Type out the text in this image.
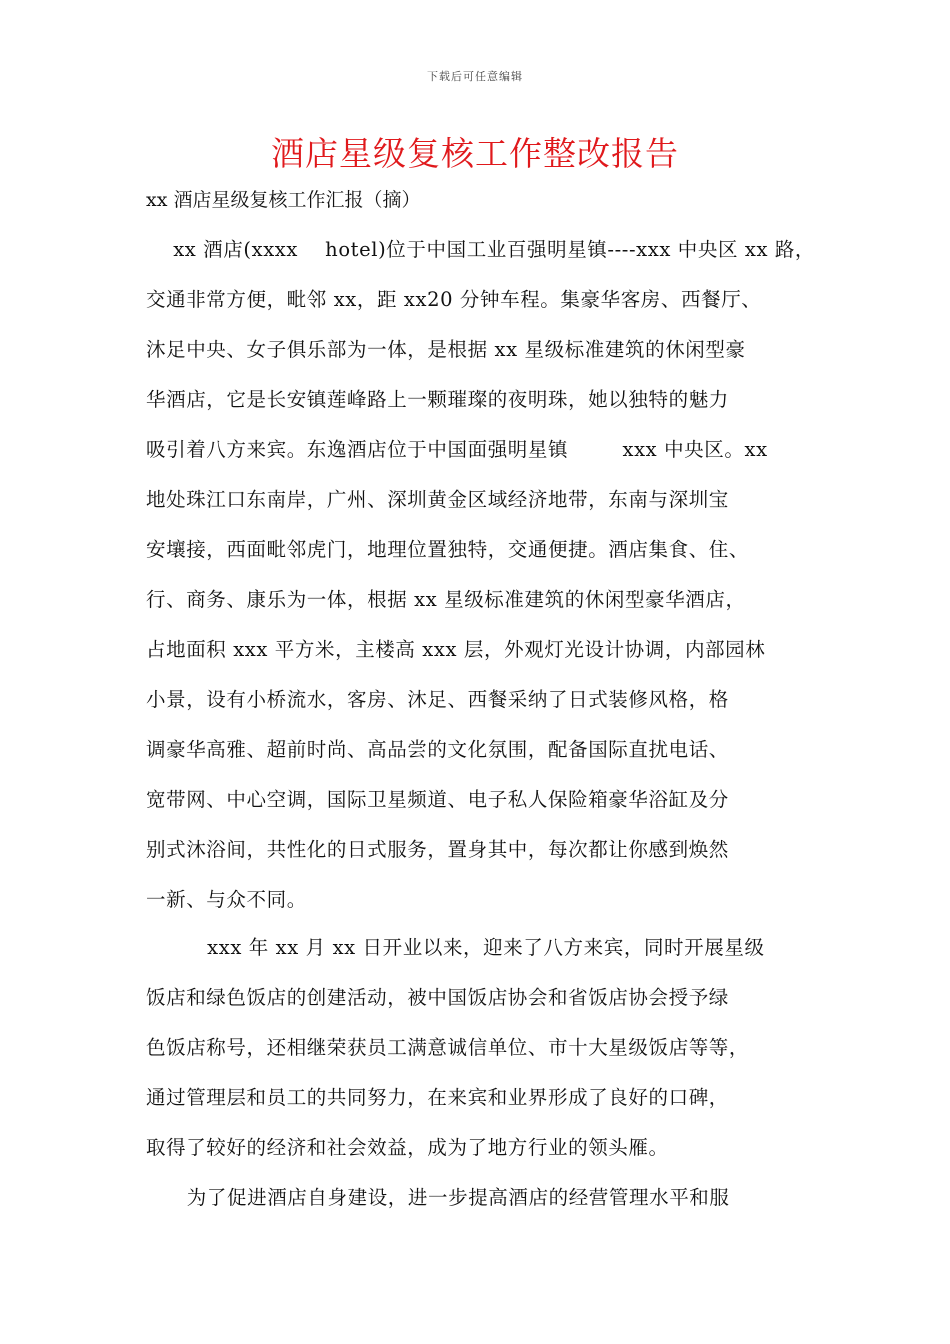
下载后可任意编辑
酒店星级复核工作整改报告
xx 酒店星级复核工作汇报（摘）
xx 酒店(xxxx    hotel)位于中国工业百强明星镇----xxx 中央区 xx 路，
交通非常方便，毗邻 xx，距 xx20 分钟车程。集豪华客房、西餐厅、
沐足中央、女子俱乐部为一体，是根据 xx 星级标准建筑的休闲型豪
华酒店，它是长安镇莲峰路上一颗璀璨的夜明珠，她以独特的魅力
吸引着八方来宾。东逸酒店位于中国面强明星镇        xxx 中央区。xx
地处珠江口东南岸，广州、深圳黄金区域经济地带，东南与深圳宝
安壤接，西面毗邻虎门，地理位置独特，交通便捷。酒店集食、住、
行、商务、康乐为一体，根据 xx 星级标准建筑的休闲型豪华酒店，
占地面积 xxx 平方米，主楼高 xxx 层，外观灯光设计协调，内部园林
小景，设有小桥流水，客房、沐足、西餐采纳了日式装修风格，格
调豪华高雅、超前时尚、高品尝的文化氛围，配备国际直扰电话、
宽带网、中心空调，国际卫星频道、电子私人保险箱豪华浴缸及分
别式沐浴间，共性化的日式服务，置身其中，每次都让你感到焕然
一新、与众不同。
xxx 年 xx 月 xx 日开业以来，迎来了八方来宾，同时开展星级
饭店和绿色饭店的创建活动，被中国饭店协会和省饭店协会授予绿
色饭店称号，还相继荣获员工满意诚信单位、市十大星级饭店等等，
通过管理层和员工的共同努力，在来宾和业界形成了良好的口碑，
取得了较好的经济和社会效益，成为了地方行业的领头雁。
为了促进酒店自身建设，进一步提高酒店的经营管理水平和服
